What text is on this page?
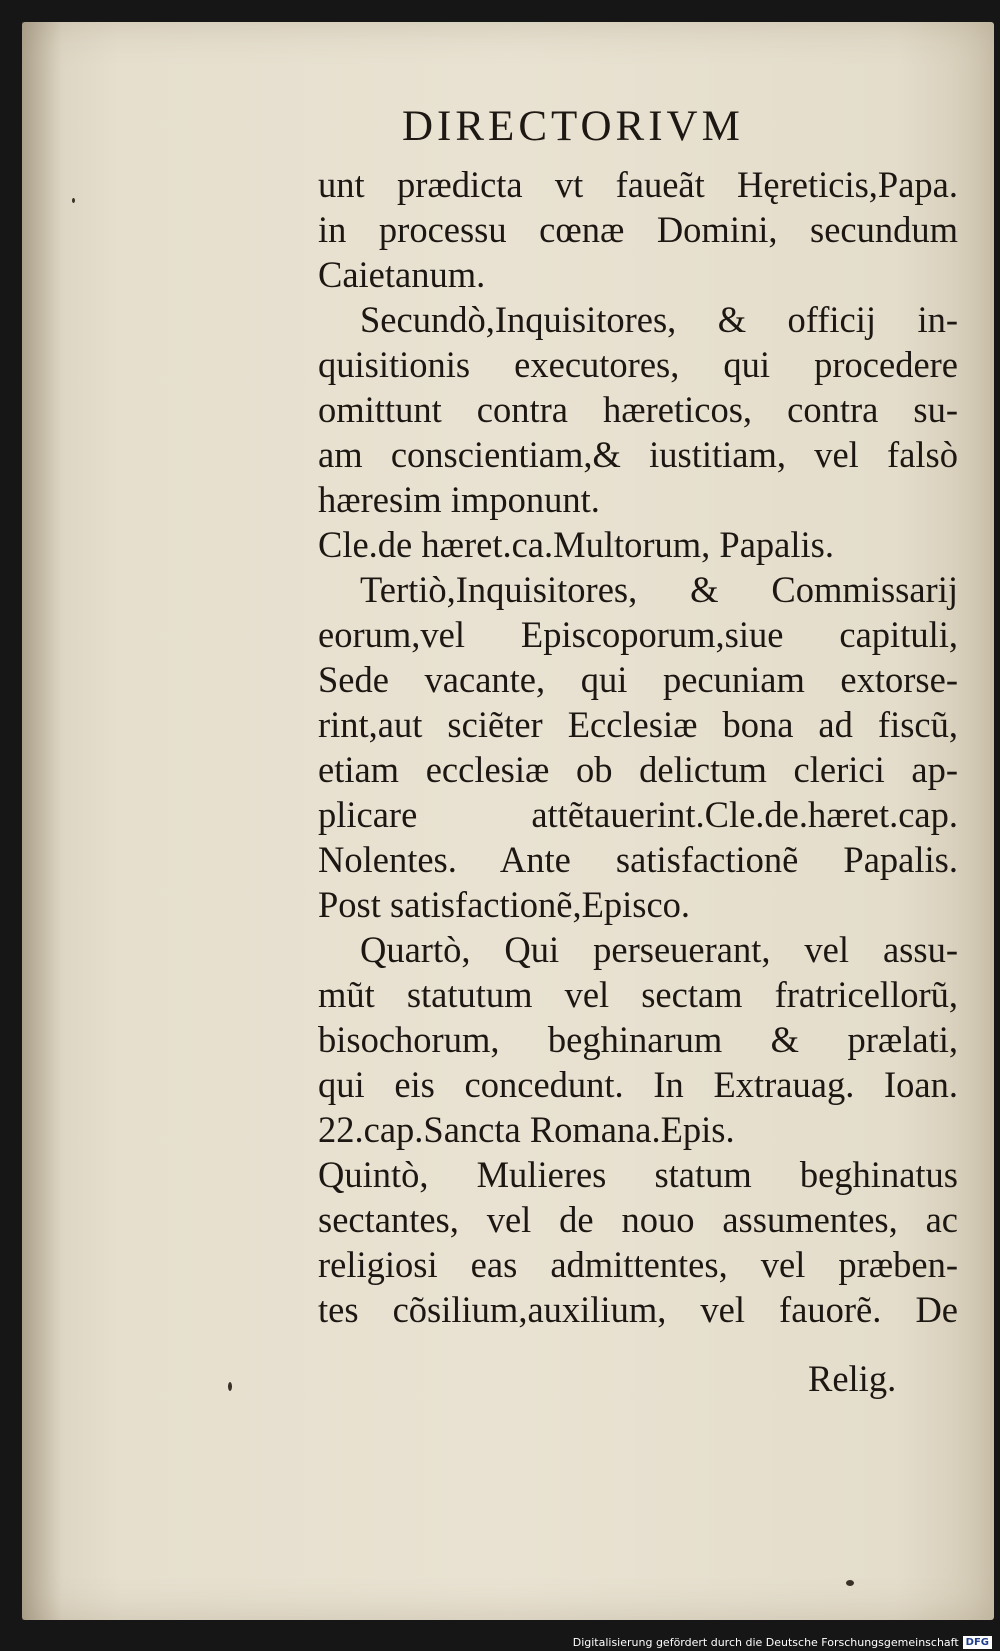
DIRECTORIVM
unt prædicta vt faueãt Hęreticis,Papa.
in processu cœnæ Domini, secundum
Caietanum.
Secundò,Inquisitores, & officij in-
quisitionis executores, qui procedere
omittunt contra hæreticos, contra su-
am conscientiam,& iustitiam, vel falsò
hæresim imponunt.
Cle.de hæret.ca.Multorum, Papalis.
Tertiò,Inquisitores, & Commissarij
eorum,vel Episcoporum,siue capituli,
Sede vacante, qui pecuniam extorse-
rint,aut sciẽter Ecclesiæ bona ad fiscũ,
etiam ecclesiæ ob delictum clerici ap-
plicare attẽtauerint.Cle.de.hæret.cap.
Nolentes. Ante satisfactionẽ Papalis.
Post satisfactionẽ,Episco.
Quartò, Qui perseuerant, vel assu-
mũt statutum vel sectam fratricellorũ,
bisochorum, beghinarum & prælati,
qui eis concedunt. In Extrauag. Ioan.
22.cap.Sancta Romana.Epis.
Quintò, Mulieres statum beghinatus
sectantes, vel de nouo assumentes, ac
religiosi eas admittentes, vel præben-
tes cõsilium,auxilium, vel fauorẽ. De
Relig.
Digitalisierung gefördert durch die Deutsche Forschungsgemeinschaft DFG
